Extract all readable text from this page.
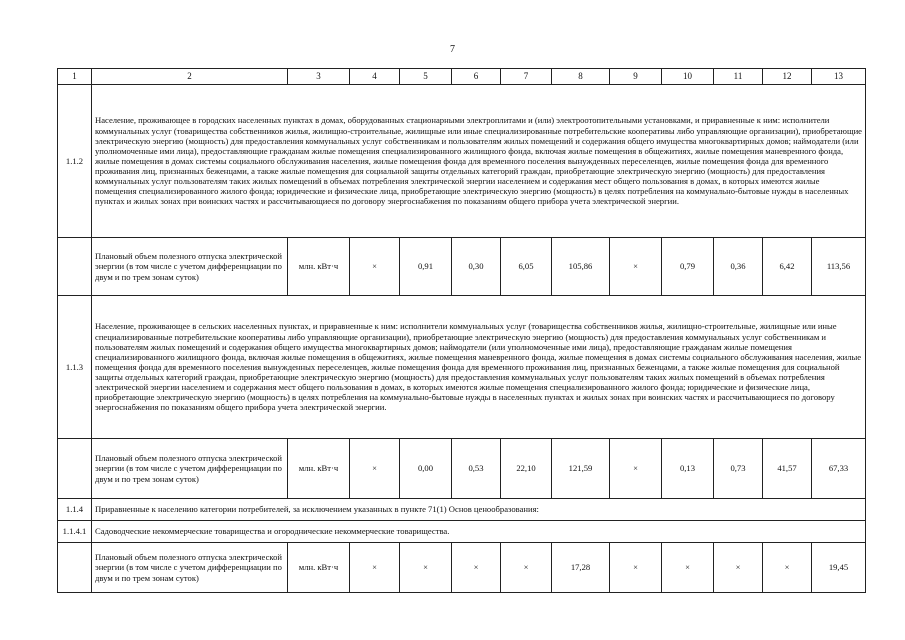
7
1	2	3	4	5	6	7	8	9	10	11	12	13
1.1.2	Население, проживающее в городских населенных пунктах в домах, оборудованных стационарными электроплитами и (или) электроотопительными установками, и приравненные к ним: исполнители коммунальных услуг (товарищества собственников жилья, жилищно-строительные, жилищные или иные специализированные потребительские кооперативы либо управляющие организации), приобретающие электрическую энергию (мощность) для предоставления коммунальных услуг собственникам и пользователям жилых помещений и содержания общего имущества многоквартирных домов; наймодатели (или уполномоченные ими лица), предоставляющие гражданам жилые помещения специализированного жилищного фонда, включая жилые помещения в общежитиях, жилые помещения маневренного фонда, жилые помещения в домах системы социального обслуживания населения, жилые помещения фонда для временного поселения вынужденных переселенцев, жилые помещения фонда для временного проживания лиц, признанных беженцами, а также жилые помещения для социальной защиты отдельных категорий граждан, приобретающие электрическую энергию (мощность) для предоставления коммунальных услуг пользователям таких жилых помещений в объемах потребления электрической энергии населением и содержания мест общего пользования в домах, в которых имеются жилые помещения специализированного жилого фонда; юридические и физические лица, приобретающие электрическую энергию (мощность) в целях потребления на коммунально-бытовые нужды в населенных пунктах и жилых зонах при воинских частях и рассчитывающиеся по договору энергоснабжения по показаниям общего прибора учета электрической энергии.											
	Плановый объем полезного отпуска электрической энергии (в том числе с учетом дифференциации по двум и по трем зонам суток)	млн. кВт·ч	×	0,91	0,30	6,05	105,86	×	0,79	0,36	6,42	113,56
1.1.3	Население, проживающее в сельских населенных пунктах, и приравненные к ним: исполнители коммунальных услуг (товарищества собственников жилья, жилищно-строительные, жилищные или иные специализированные потребительские кооперативы либо управляющие организации), приобретающие электрическую энергию (мощность) для предоставления коммунальных услуг собственникам и пользователям жилых помещений и содержания общего имущества многоквартирных домов; наймодатели (или уполномоченные ими лица), предоставляющие гражданам жилые помещения специализированного жилищного фонда, включая жилые помещения в общежитиях, жилые помещения маневренного фонда, жилые помещения в домах системы социального обслуживания населения, жилые помещения фонда для временного поселения вынужденных переселенцев, жилые помещения фонда для временного проживания лиц, признанных беженцами, а также жилые помещения для социальной защиты отдельных категорий граждан, приобретающие электрическую энергию (мощность) для предоставления коммунальных услуг пользователям таких жилых помещений в объемах потребления электрической энергии населением и содержания мест общего пользования в домах, в которых имеются жилые помещения специализированного жилого фонда; юридические и физические лица, приобретающие электрическую энергию (мощность) в целях потребления на коммунально-бытовые нужды в населенных пунктах и жилых зонах при воинских частях и рассчитывающиеся по договору энергоснабжения по показаниям общего прибора учета электрической энергии.											
	Плановый объем полезного отпуска электрической энергии (в том числе с учетом дифференциации по двум и по трем зонам суток)	млн. кВт·ч	×	0,00	0,53	22,10	121,59	×	0,13	0,73	41,57	67,33
1.1.4	Приравненные к населению категории потребителей, за исключением указанных в пункте 71(1) Основ ценообразования:											
1.1.4.1	Садоводческие некоммерческие товарищества и огороднические некоммерческие товарищества.											
	Плановый объем полезного отпуска электрической энергии (в том числе с учетом дифференциации по двум и по трем зонам суток)	млн. кВт·ч	×	×	×	×	17,28	×	×	×	×	19,45
